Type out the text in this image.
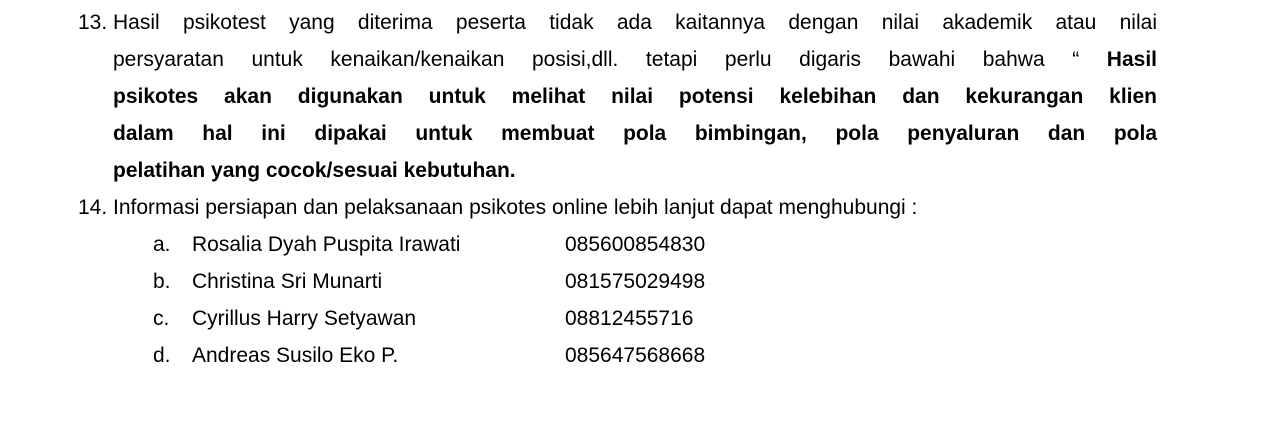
13. Hasil psikotest yang diterima peserta tidak ada kaitannya dengan nilai akademik atau nilai
persyaratan untuk kenaikan/kenaikan posisi,dll. tetapi perlu digaris bawahi bahwa “ Hasil
psikotes akan digunakan untuk melihat nilai potensi kelebihan dan kekurangan klien
dalam hal ini dipakai untuk membuat pola bimbingan, pola penyaluran dan pola
pelatihan yang cocok/sesuai kebutuhan.
14. Informasi persiapan dan pelaksanaan psikotes online lebih lanjut dapat menghubungi :
a.	Rosalia Dyah Puspita Irawati	085600854830
b.	Christina Sri Munarti	081575029498
c.	Cyrillus Harry Setyawan	08812455716
d.	Andreas Susilo Eko P.	085647568668
